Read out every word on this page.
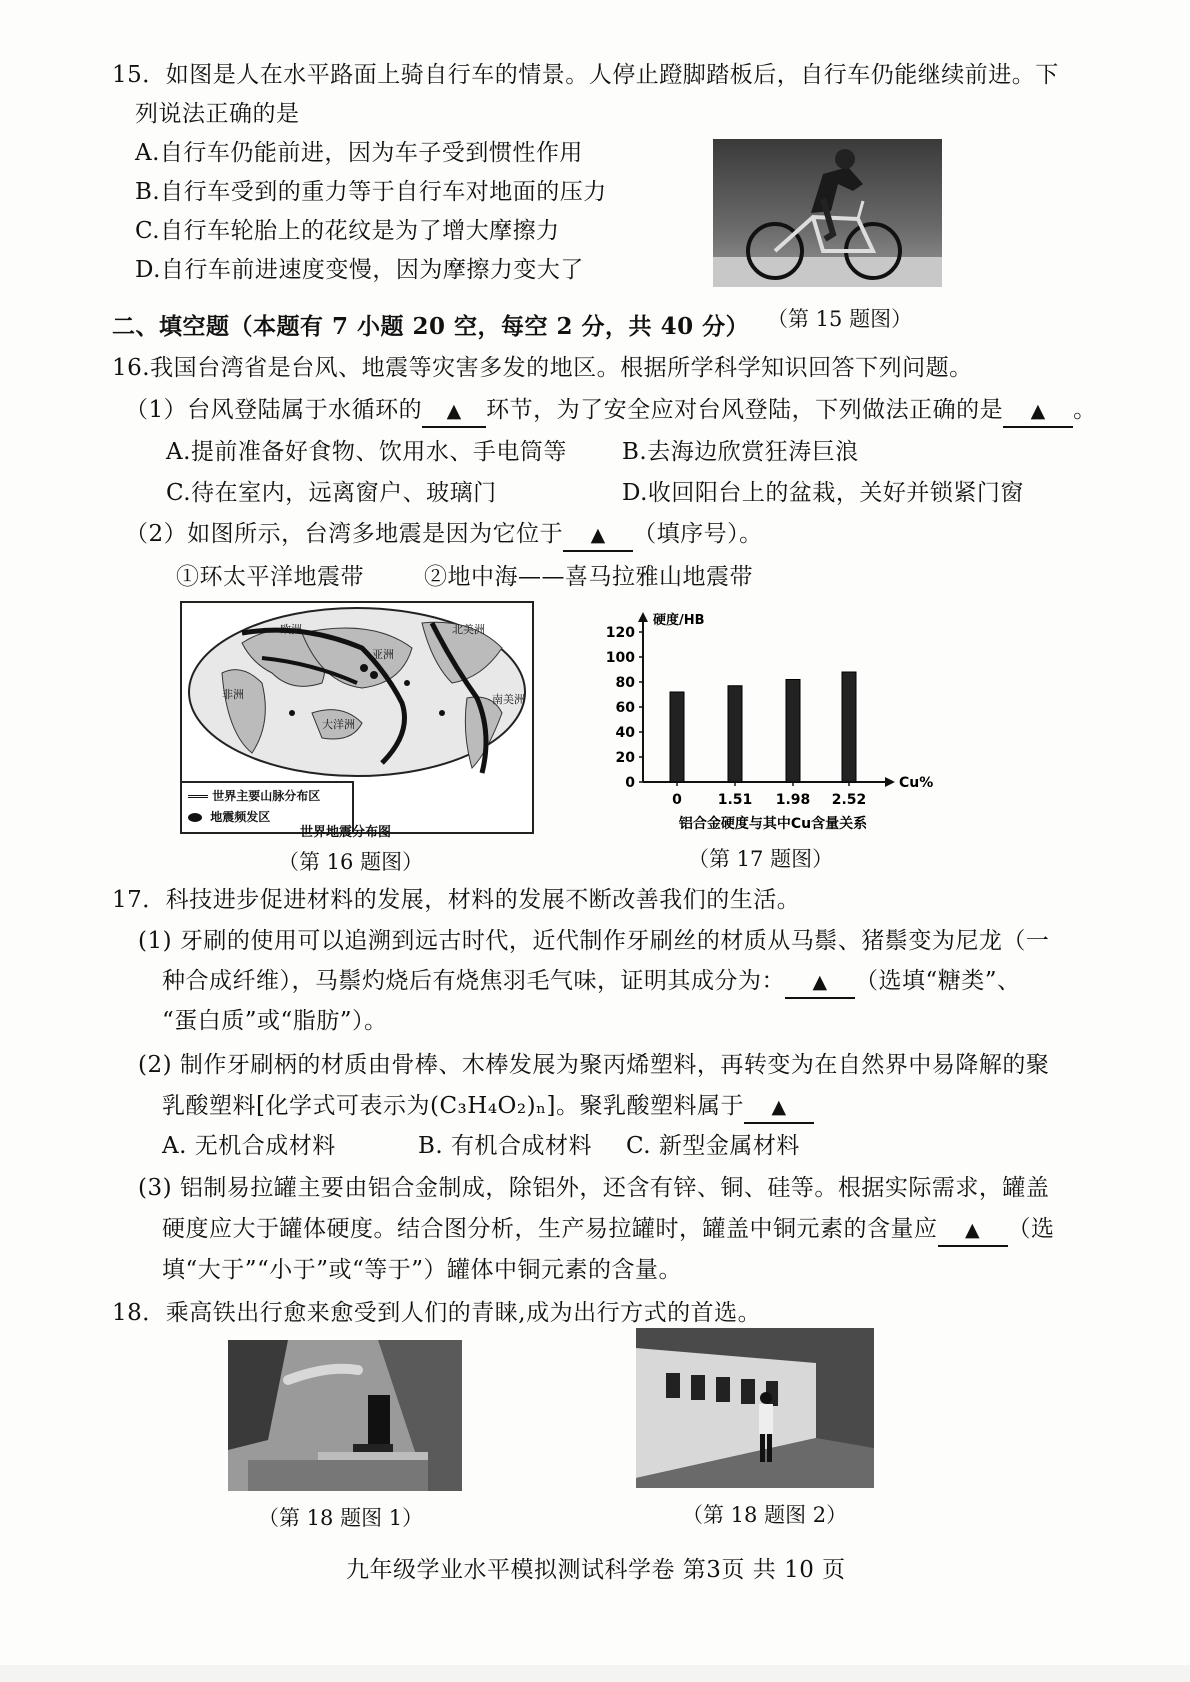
15．如图是人在水平路面上骑自行车的情景。人停止蹬脚踏板后，自行车仍能继续前进。下
列说法正确的是
A.自行车仍能前进，因为车子受到惯性作用
B.自行车受到的重力等于自行车对地面的压力
C.自行车轮胎上的花纹是为了增大摩擦力
D.自行车前进速度变慢，因为摩擦力变大了
（第 15 题图）
二、填空题（本题有 7 小题 20 空，每空 2 分，共 40 分）
16.我国台湾省是台风、地震等灾害多发的地区。根据所学科学知识回答下列问题。
（1）台风登陆属于水循环的 ▲ 环节，为了安全应对台风登陆，下列做法正确的是 ▲ 。
A.提前准备好食物、饮用水、手电筒等 B.去海边欣赏狂涛巨浪
C.待在室内，远离窗户、玻璃门	D.收回阳台上的盆栽，关好并锁紧门窗
（2）如图所示，台湾多地震是因为它位于 ▲ （填序号）。
①环太平洋地震带	②地中海——喜马拉雅山地震带
欧洲	北美洲
非洲
亚洲
大洋洲
南美洲
世界主要山脉分布区
地震频发区
世界地震分布图
（第 16 题图）
0
20
40
60
80
100
120
硬度/HB
Cu%
0	1.51 1.98 2.52
铝合金硬度与其中Cu含量关系
（第 17 题图）
17．科技进步促进材料的发展，材料的发展不断改善我们的生活。
(1) 牙刷的使用可以追溯到远古时代，近代制作牙刷丝的材质从马鬃、猪鬃变为尼龙（一
种合成纤维），马鬃灼烧后有烧焦羽毛气味，证明其成分为： ▲ （选填“糖类”、
“蛋白质”或“脂肪”）。
(2) 制作牙刷柄的材质由骨棒、木棒发展为聚丙烯塑料，再转变为在自然界中易降解的聚
乳酸塑料[化学式可表示为(C₃H₄O₂)ₙ]。聚乳酸塑料属于 ▲
A. 无机合成材料	B. 有机合成材料 C. 新型金属材料
(3) 铝制易拉罐主要由铝合金制成，除铝外，还含有锌、铜、硅等。根据实际需求，罐盖
硬度应大于罐体硬度。结合图分析，生产易拉罐时，罐盖中铜元素的含量应 ▲ （选
填“大于”“小于”或“等于”）罐体中铜元素的含量。
18．乘高铁出行愈来愈受到人们的青睐,成为出行方式的首选。
（第 18 题图 1）	（第 18 题图 2）
九年级学业水平模拟测试科学卷 第3页 共 10 页
